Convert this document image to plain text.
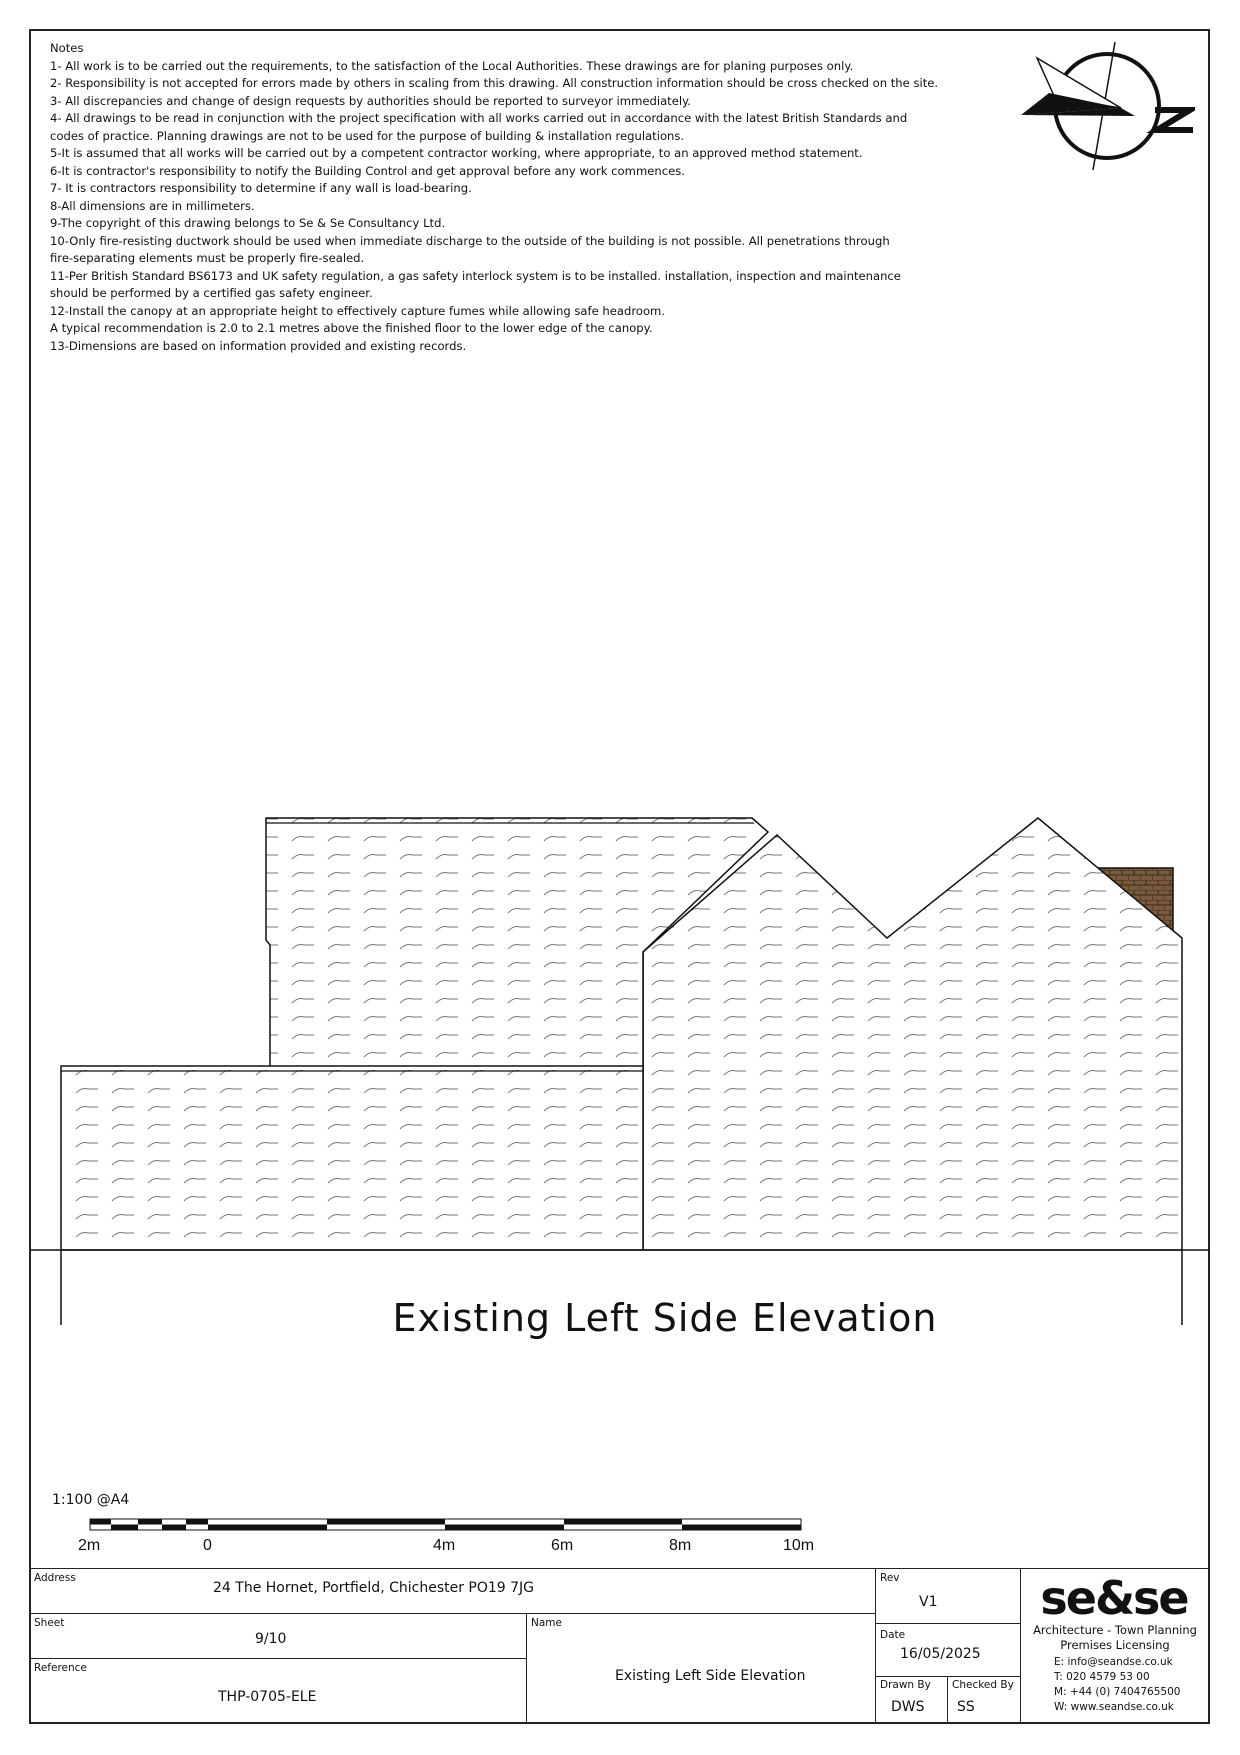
Notes
1- All work is to be carried out the requirements, to the satisfaction of the Local Authorities. These drawings are for planing purposes only.
2- Responsibility is not accepted for errors made by others in scaling from this drawing. All construction information should be cross checked on the site.
3- All discrepancies and change of design requests by authorities should be reported to surveyor immediately.
4- All drawings to be read in conjunction with the project specification with all works carried out in accordance with the latest British Standards and
codes of practice. Planning drawings are not to be used for the purpose of building & installation regulations.
5-It is assumed that all works will be carried out by a competent contractor working, where appropriate, to an approved method statement.
6-It is contractor's responsibility to notify the Building Control and get approval before any work commences.
7- It is contractors responsibility to determine if any wall is load-bearing.
8-All dimensions are in millimeters.
9-The copyright of this drawing belongs to Se & Se Consultancy Ltd.
10-Only fire-resisting ductwork should be used when immediate discharge to the outside of the building is not possible. All penetrations through
fire-separating elements must be properly fire-sealed.
11-Per British Standard BS6173 and UK safety regulation, a gas safety interlock system is to be installed. installation, inspection and maintenance
should be performed by a certified gas safety engineer.
12-Install the canopy at an appropriate height to effectively capture fumes while allowing safe headroom.
A typical recommendation is 2.0 to 2.1 metres above the finished floor to the lower edge of the canopy.
13-Dimensions are based on information provided and existing records.
Existing Left Side Elevation
1:100 @A4
2m	0	4m	6m	8m	10m
Address
24 The Hornet, Portfield, Chichester PO19 7JG
Sheet
9/10
Reference
THP-0705-ELE
Name
Existing Left Side Elevation
Rev
V1
Date
16/05/2025
Drawn By
DWS
Checked By
SS
se&se
Architecture - Town Planning
Premises Licensing
E: info@seandse.co.uk
T: 020 4579 53 00
M: +44 (0) 7404765500
W: www.seandse.co.uk
